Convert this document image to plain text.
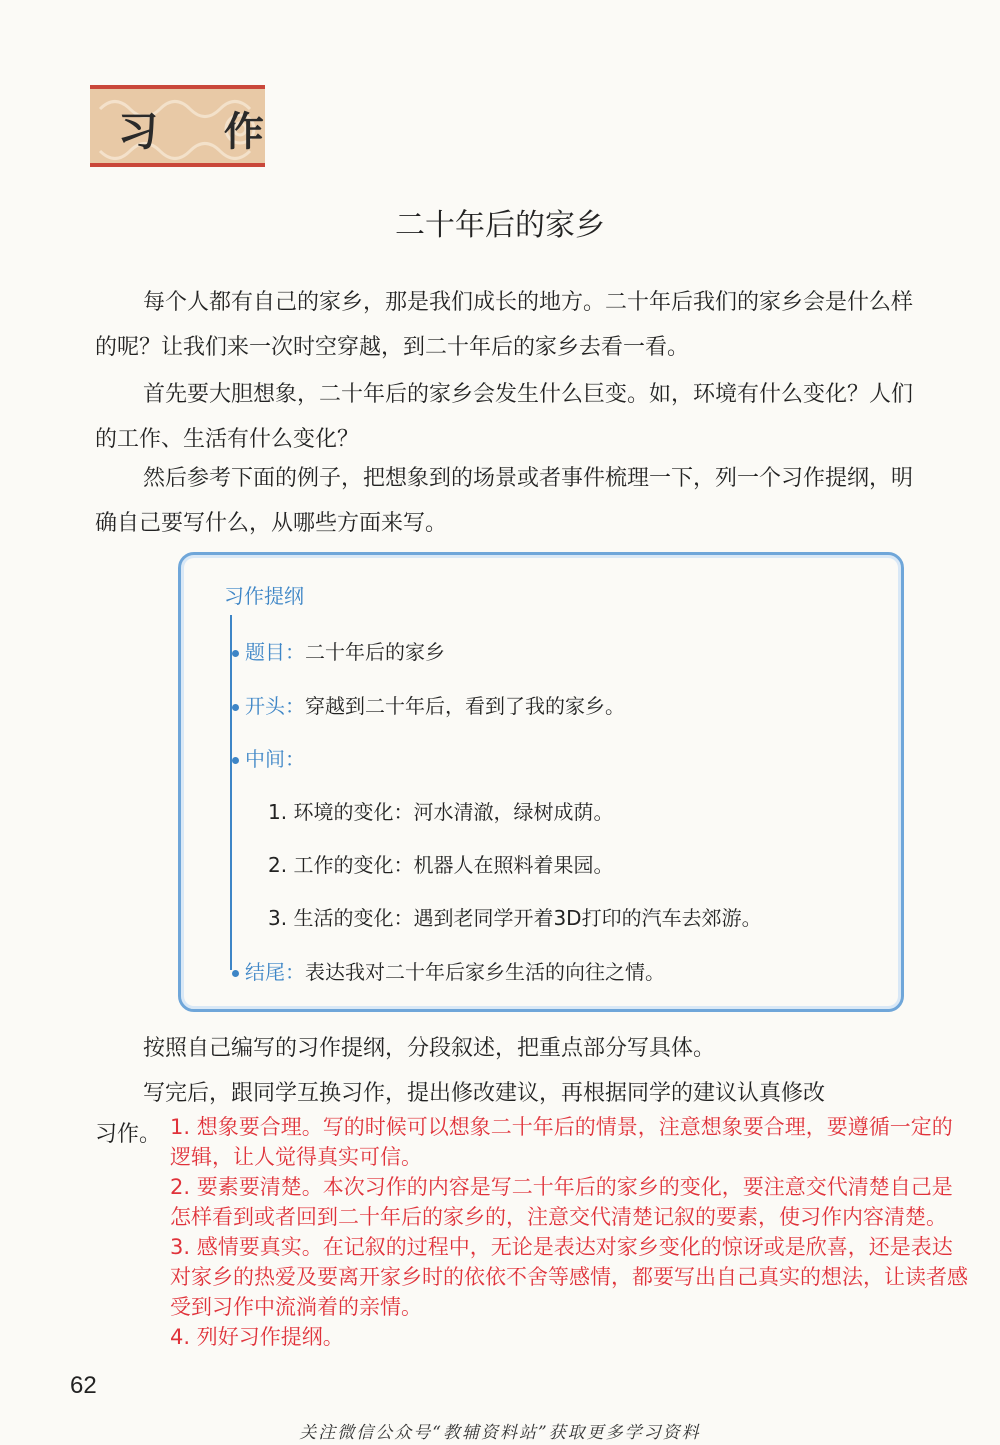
习 作
二十年后的家乡
每个人都有自己的家乡，那是我们成长的地方。二十年后我们的家乡会是什么样的呢？让我们来一次时空穿越，到二十年后的家乡去看一看。
首先要大胆想象，二十年后的家乡会发生什么巨变。如，环境有什么变化？人们的工作、生活有什么变化？
然后参考下面的例子，把想象到的场景或者事件梳理一下，列一个习作提纲，明确自己要写什么，从哪些方面来写。
习作提纲
题目：二十年后的家乡
开头：穿越到二十年后，看到了我的家乡。
中间：
1. 环境的变化：河水清澈，绿树成荫。
2. 工作的变化：机器人在照料着果园。
3. 生活的变化：遇到老同学开着3D打印的汽车去郊游。
结尾：表达我对二十年后家乡生活的向往之情。
按照自己编写的习作提纲，分段叙述，把重点部分写具体。
写完后，跟同学互换习作，提出修改建议，再根据同学的建议认真修改
习作。 1. 想象要合理。写的时候可以想象二十年后的情景，注意想象要合理，要遵循一定的逻辑，让人觉得真实可信。

2. 要素要清楚。本次习作的内容是写二十年后的家乡的变化，要注意交代清楚自己是怎样看到或者回到二十年后的家乡的，注意交代清楚记叙的要素，使习作内容清楚。

3. 感情要真实。在记叙的过程中，无论是表达对家乡变化的惊讶或是欣喜，还是表达对家乡的热爱及要离开家乡时的依依不舍等感情，都要写出自己真实的想法，让读者感受到习作中流淌着的亲情。

4. 列好习作提纲。

62
关注微信公众号“教辅资料站”获取更多学习资料
